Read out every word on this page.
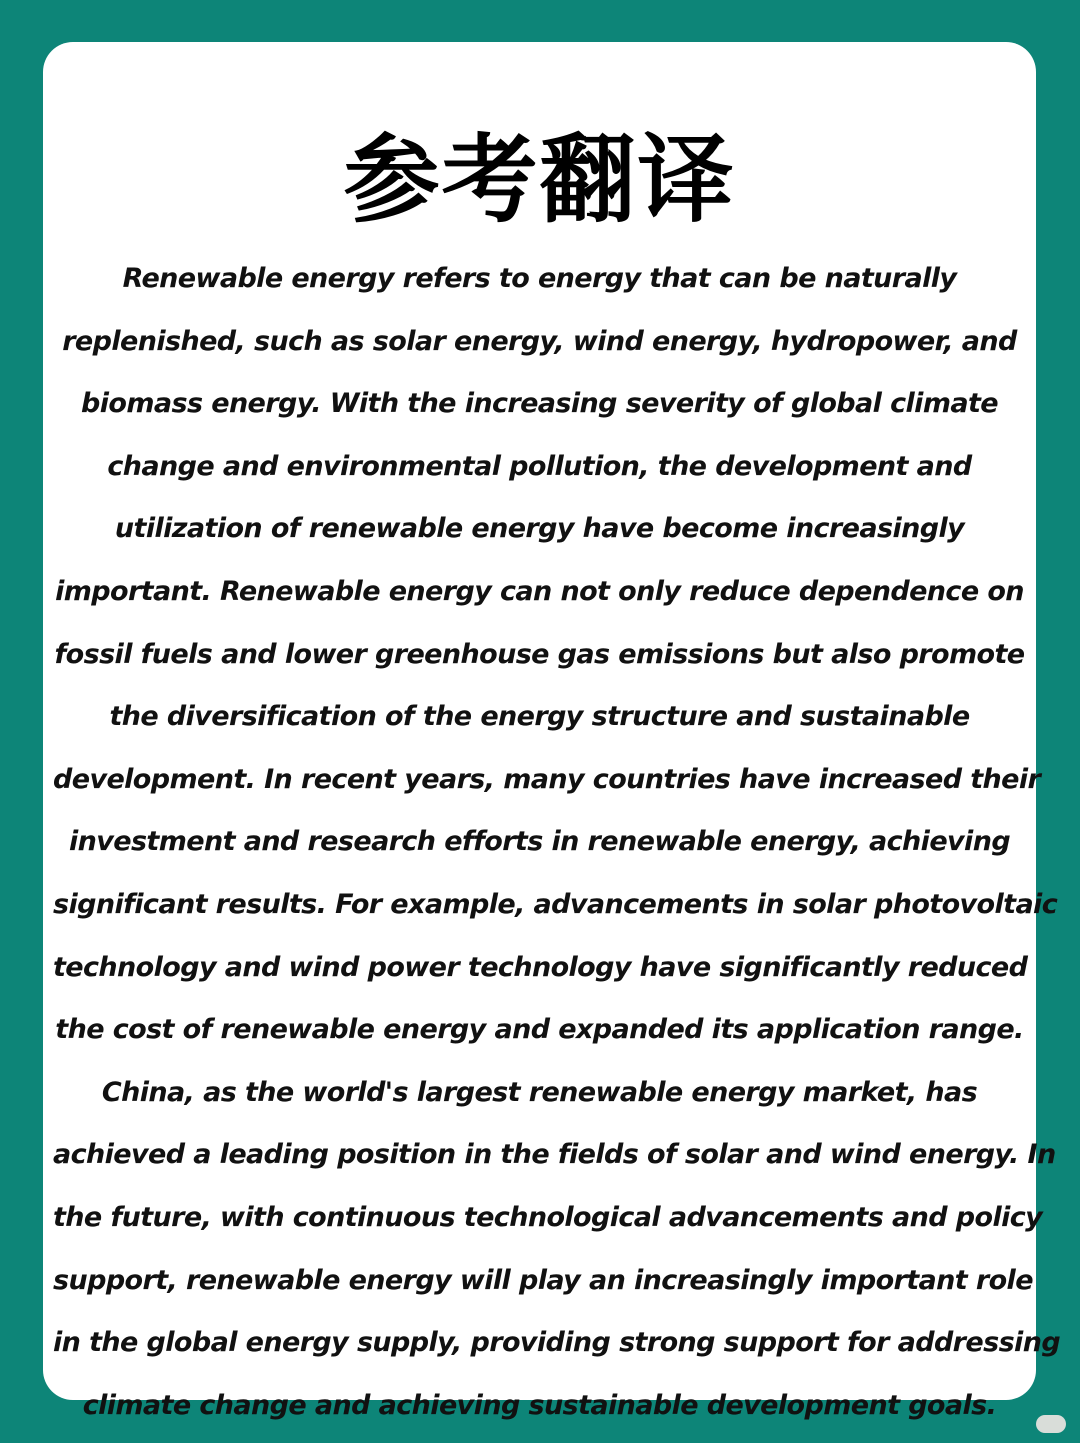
参考翻译

Renewable energy refers to energy that can be naturally
replenished, such as solar energy, wind energy, hydropower, and
biomass energy. With the increasing severity of global climate
change and environmental pollution, the development and
utilization of renewable energy have become increasingly
important. Renewable energy can not only reduce dependence on
fossil fuels and lower greenhouse gas emissions but also promote
the diversification of the energy structure and sustainable
development. In recent years, many countries have increased their
investment and research efforts in renewable energy, achieving
significant results. For example, advancements in solar photovoltaic
technology and wind power technology have significantly reduced
the cost of renewable energy and expanded its application range.
China, as the world's largest renewable energy market, has
achieved a leading position in the fields of solar and wind energy. In
the future, with continuous technological advancements and policy
support, renewable energy will play an increasingly important role
in the global energy supply, providing strong support for addressing
climate change and achieving sustainable development goals.
